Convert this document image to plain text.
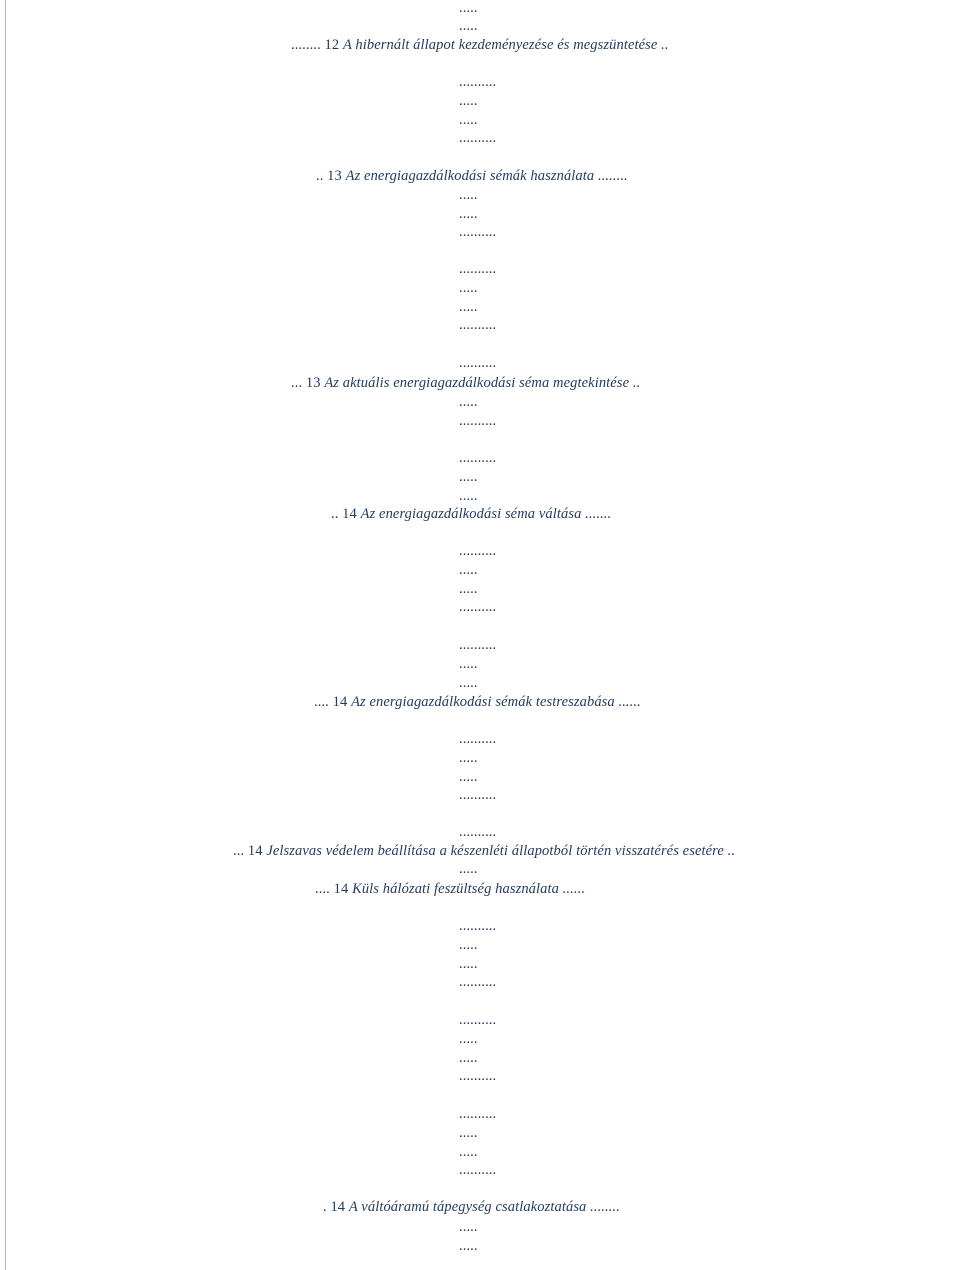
.....
.....
........ 12 A hibernált állapot kezdeményezése és megszüntetése ..
..........
.....
.....
..........
.. 13 Az energiagazdálkodási sémák használata ........
.....
.....
..........
..........
.....
.....
..........
..........
... 13 Az aktuális energiagazdálkodási séma megtekintése ..
.....
..........
..........
.....
.....
.. 14 Az energiagazdálkodási séma váltása .......
..........
.....
.....
..........
..........
.....
.....
.... 14 Az energiagazdálkodási sémák testreszabása ......
..........
.....
.....
..........
..........
... 14 Jelszavas védelem beállítása a készenléti állapotból történ visszatérés esetére ..
.....
.... 14 Küls hálózati feszültség használata ......
..........
.....
.....
..........
..........
.....
.....
..........
..........
.....
.....
..........
. 14 A váltóáramú tápegység csatlakoztatása ........
.....
.....
